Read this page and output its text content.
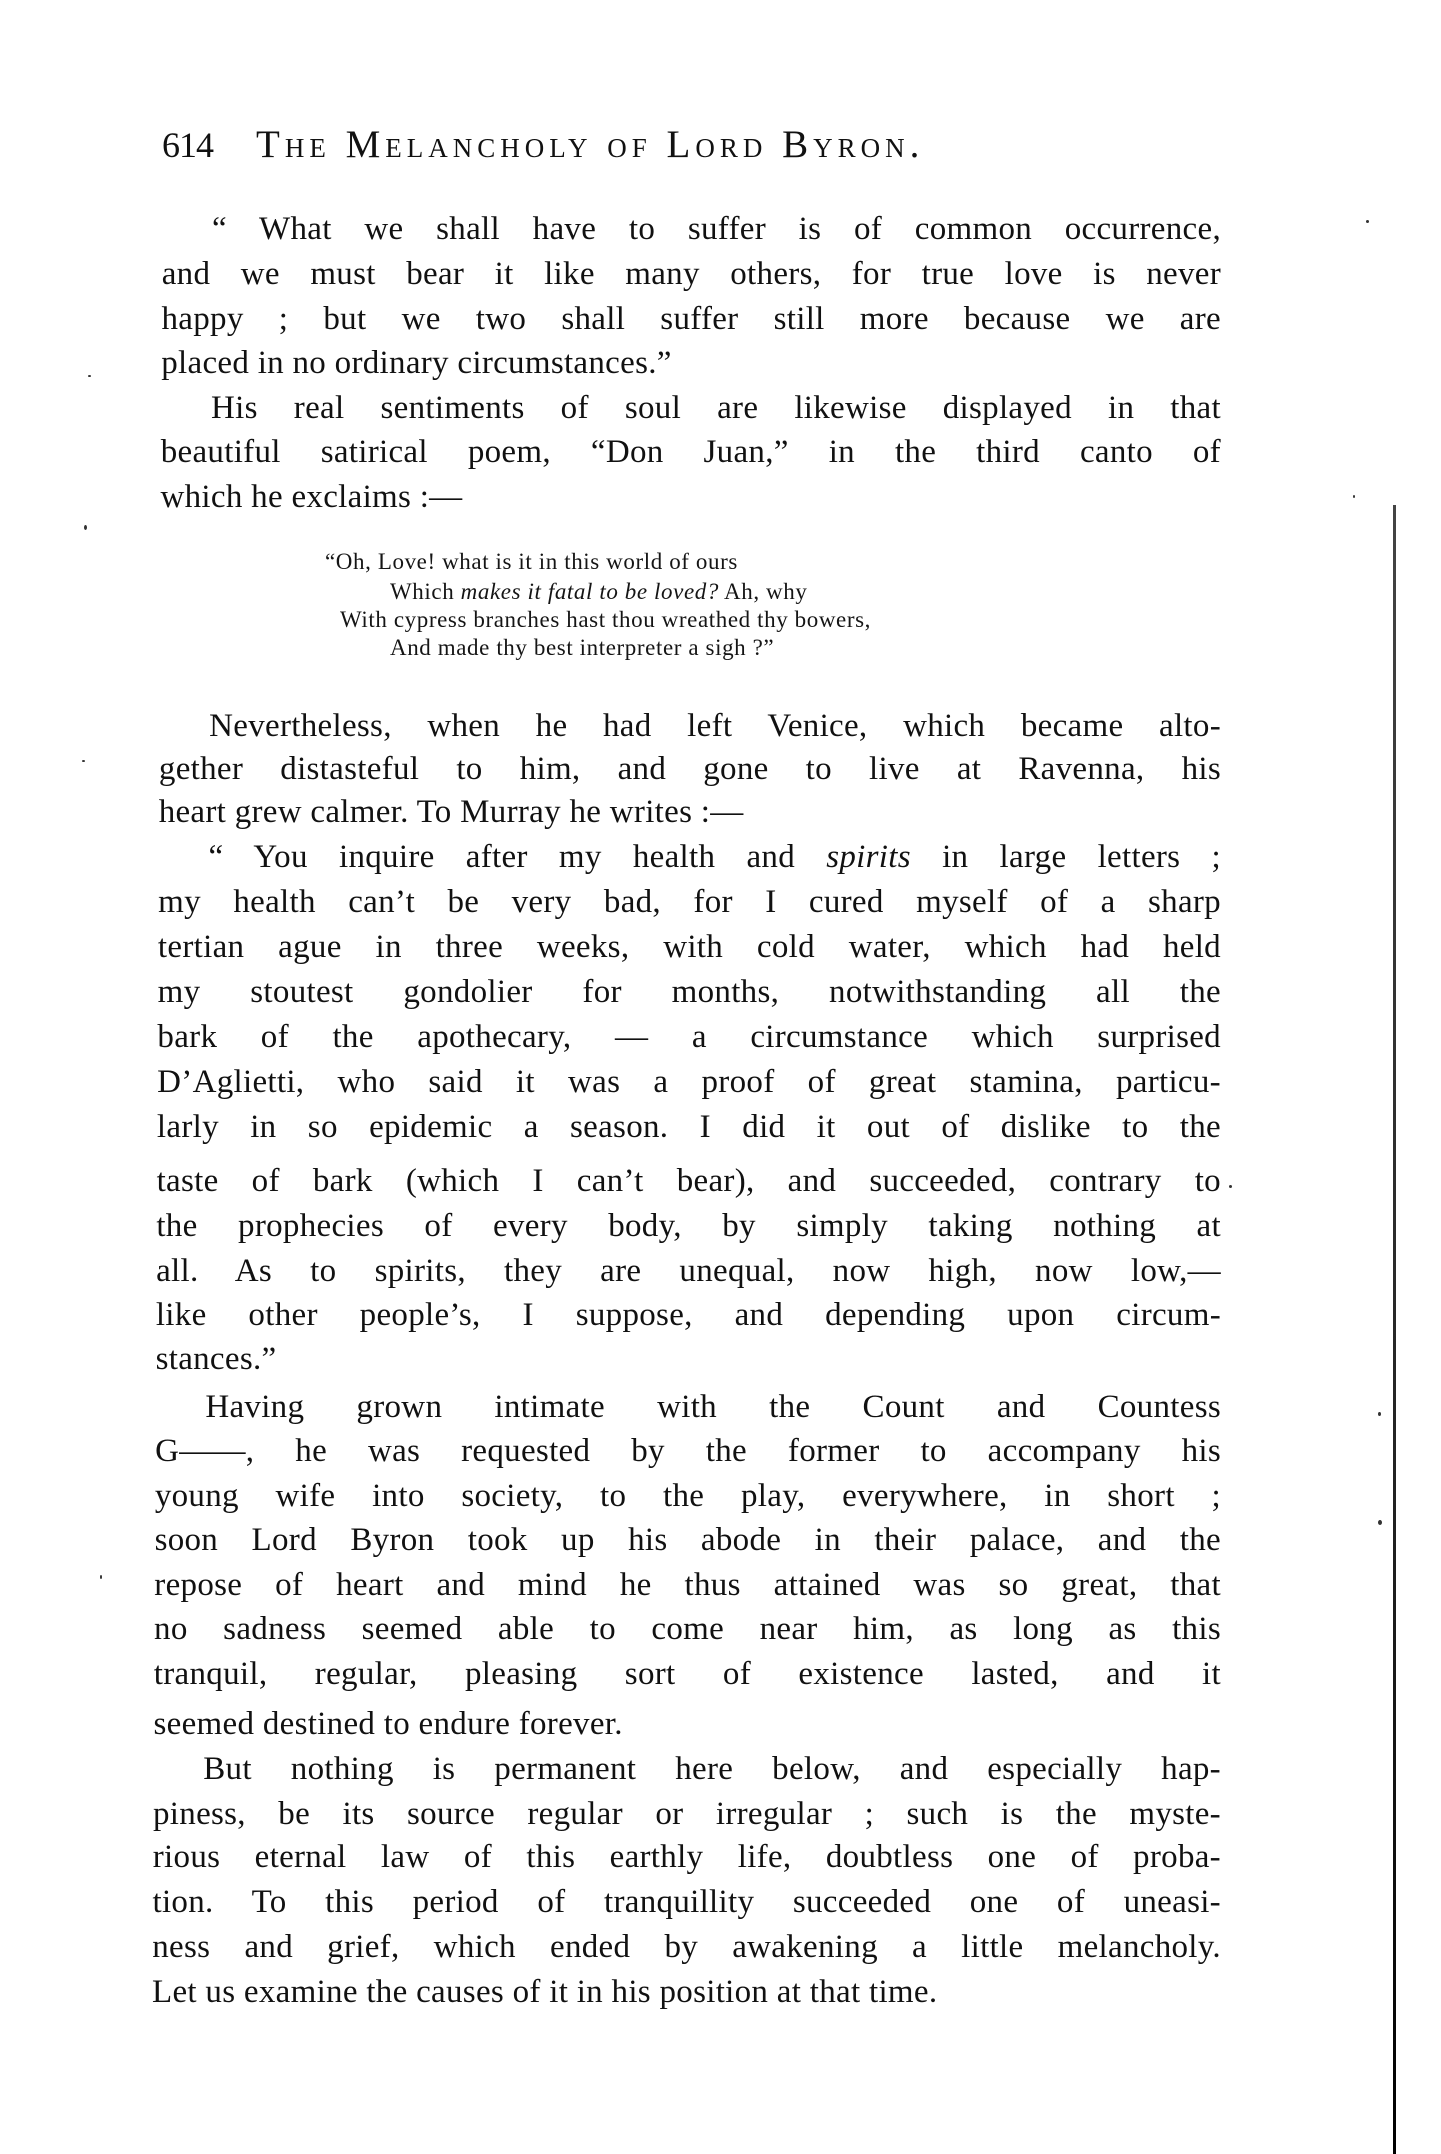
614 The Melancholy of Lord Byron.
“ What we shall have to suffer is of common occurrence,
and we must bear it like many others, for true love is never
happy ; but we two shall suffer still more because we are
placed in no ordinary circumstances.”
His real sentiments of soul are likewise displayed in that
beautiful satirical poem, “Don Juan,” in the third canto of
which he exclaims :—
Nevertheless, when he had left Venice, which became alto-
gether distasteful to him, and gone to live at Ravenna, his
heart grew calmer. To Murray he writes :—
“ You inquire after my health and spirits in large letters ;
my health can’t be very bad, for I cured myself of a sharp
tertian ague in three weeks, with cold water, which had held
my stoutest gondolier for months, notwithstanding all the
bark of the apothecary, — a circumstance which surprised
D’Aglietti, who said it was a proof of great stamina, particu-
larly in so epidemic a season. I did it out of dislike to the
taste of bark (which I can’t bear), and succeeded, contrary to
the prophecies of every body, by simply taking nothing at
all. As to spirits, they are unequal, now high, now low,—
like other people’s, I suppose, and depending upon circum-
stances.”
Having grown intimate with the Count and Countess
G——, he was requested by the former to accompany his
young wife into society, to the play, everywhere, in short ;
soon Lord Byron took up his abode in their palace, and the
repose of heart and mind he thus attained was so great, that
no sadness seemed able to come near him, as long as this
tranquil, regular, pleasing sort of existence lasted, and it
seemed destined to endure forever.
But nothing is permanent here below, and especially hap-
piness, be its source regular or irregular ; such is the myste-
rious eternal law of this earthly life, doubtless one of proba-
tion. To this period of tranquillity succeeded one of uneasi-
ness and grief, which ended by awakening a little melancholy.
Let us examine the causes of it in his position at that time.
“Oh, Love! what is it in this world of ours
Which makes it fatal to be loved? Ah, why
With cypress branches hast thou wreathed thy bowers,
And made thy best interpreter a sigh ?”
